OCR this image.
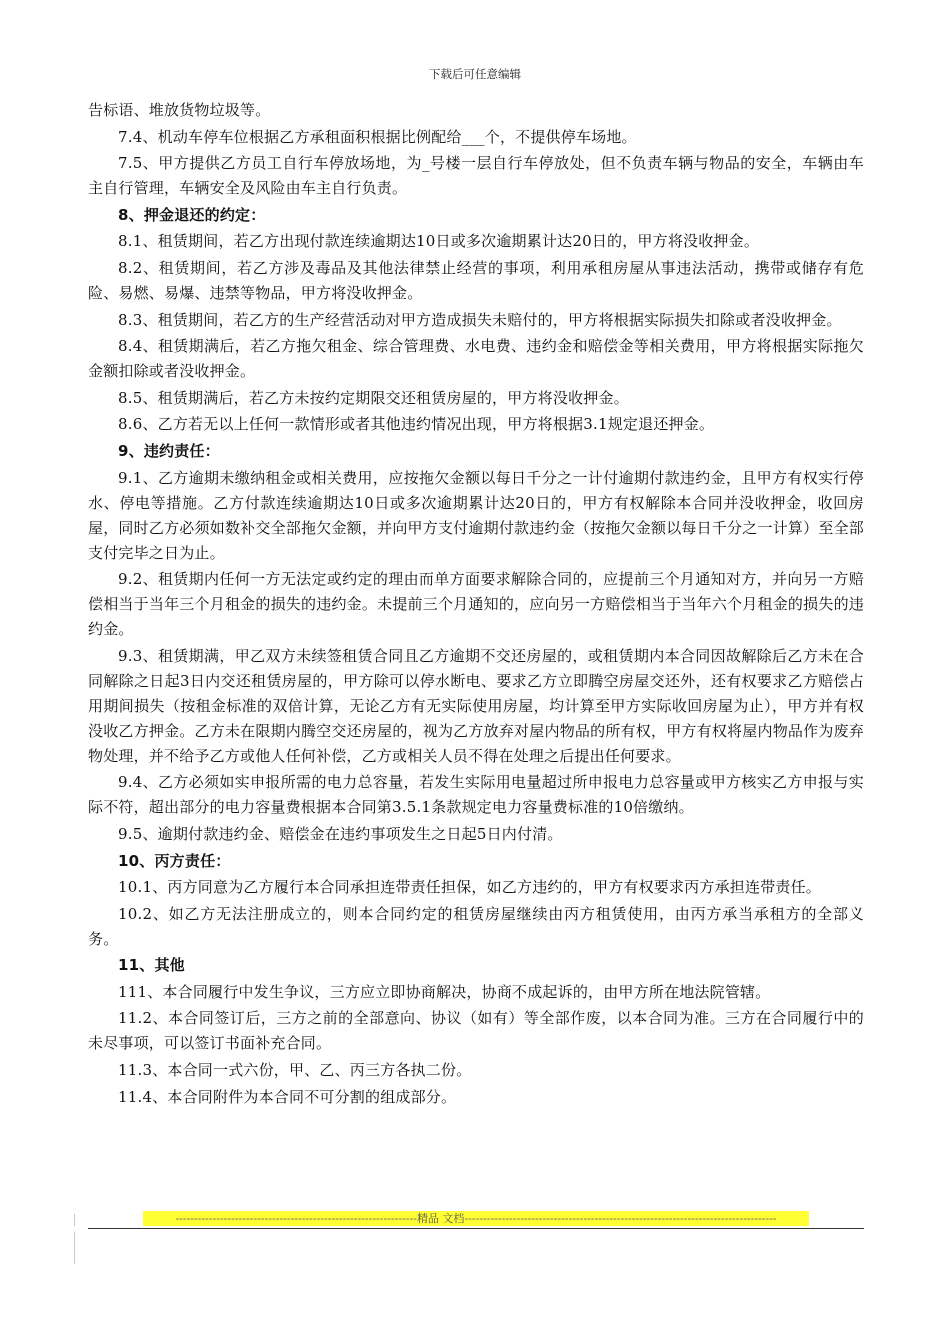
下载后可任意编辑

告标语、堆放货物垃圾等。

7.4、机动车停车位根据乙方承租面积根据比例配给___个，不提供停车场地。

7.5、甲方提供乙方员工自行车停放场地，为_号楼一层自行车停放处，但不负责车辆与物品的安全，车辆由车主自行管理，车辆安全及风险由车主自行负责。

8、押金退还的约定：

8.1、租赁期间，若乙方出现付款连续逾期达10日或多次逾期累计达20日的，甲方将没收押金。

8.2、租赁期间，若乙方涉及毒品及其他法律禁止经营的事项，利用承租房屋从事违法活动，携带或储存有危险、易燃、易爆、违禁等物品，甲方将没收押金。

8.3、租赁期间，若乙方的生产经营活动对甲方造成损失未赔付的，甲方将根据实际损失扣除或者没收押金。

8.4、租赁期满后，若乙方拖欠租金、综合管理费、水电费、违约金和赔偿金等相关费用，甲方将根据实际拖欠金额扣除或者没收押金。

8.5、租赁期满后，若乙方未按约定期限交还租赁房屋的，甲方将没收押金。

8.6、乙方若无以上任何一款情形或者其他违约情况出现，甲方将根据3.1规定退还押金。

9、违约责任：

9.1、乙方逾期未缴纳租金或相关费用，应按拖欠金额以每日千分之一计付逾期付款违约金，且甲方有权实行停水、停电等措施。乙方付款连续逾期达10日或多次逾期累计达20日的，甲方有权解除本合同并没收押金，收回房屋，同时乙方必须如数补交全部拖欠金额，并向甲方支付逾期付款违约金（按拖欠金额以每日千分之一计算）至全部支付完毕之日为止。

9.2、租赁期内任何一方无法定或约定的理由而单方面要求解除合同的，应提前三个月通知对方，并向另一方赔偿相当于当年三个月租金的损失的违约金。未提前三个月通知的，应向另一方赔偿相当于当年六个月租金的损失的违约金。

9.3、租赁期满，甲乙双方未续签租赁合同且乙方逾期不交还房屋的，或租赁期内本合同因故解除后乙方未在合同解除之日起3日内交还租赁房屋的，甲方除可以停水断电、要求乙方立即腾空房屋交还外，还有权要求乙方赔偿占用期间损失（按租金标准的双倍计算，无论乙方有无实际使用房屋，均计算至甲方实际收回房屋为止），甲方并有权没收乙方押金。乙方未在限期内腾空交还房屋的，视为乙方放弃对屋内物品的所有权，甲方有权将屋内物品作为废弃物处理，并不给予乙方或他人任何补偿，乙方或相关人员不得在处理之后提出任何要求。

9.4、乙方必须如实申报所需的电力总容量，若发生实际用电量超过所申报电力总容量或甲方核实乙方申报与实际不符，超出部分的电力容量费根据本合同第3.5.1条款规定电力容量费标准的10倍缴纳。

9.5、逾期付款违约金、赔偿金在违约事项发生之日起5日内付清。

10、丙方责任：

10.1、丙方同意为乙方履行本合同承担连带责任担保，如乙方违约的，甲方有权要求丙方承担连带责任。

10.2、如乙方无法注册成立的，则本合同约定的租赁房屋继续由丙方租赁使用，由丙方承当承租方的全部义务。

11、其他

111、本合同履行中发生争议，三方应立即协商解决，协商不成起诉的，由甲方所在地法院管辖。

11.2、本合同签订后，三方之前的全部意向、协议（如有）等全部作废，以本合同为准。三方在合同履行中的未尽事项，可以签订书面补充合同。

11.3、本合同一式六份，甲、乙、丙三方各执二份。

11.4、本合同附件为本合同不可分割的组成部分。

-----------------------------------------------------------------精品 文档------------------------------------------------------------------------------------
